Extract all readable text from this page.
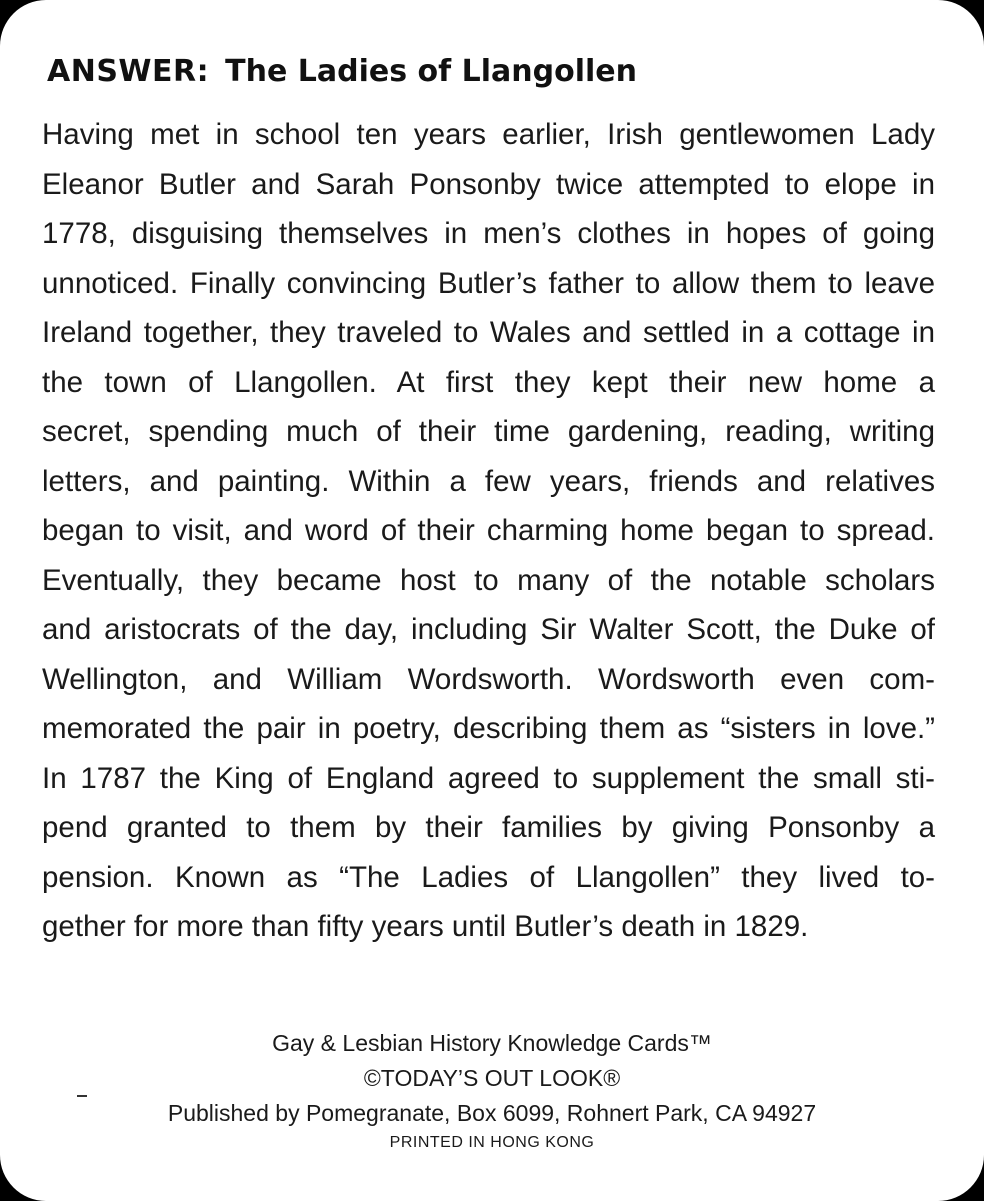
ANSWER: The Ladies of Llangollen
Having met in school ten years earlier, Irish gentlewomen Lady
Eleanor Butler and Sarah Ponsonby twice attempted to elope in
1778, disguising themselves in men’s clothes in hopes of going
unnoticed. Finally convincing Butler’s father to allow them to leave
Ireland together, they traveled to Wales and settled in a cottage in
the town of Llangollen. At first they kept their new home a
secret, spending much of their time gardening, reading, writing
letters, and painting. Within a few years, friends and relatives
began to visit, and word of their charming home began to spread.
Eventually, they became host to many of the notable scholars
and aristocrats of the day, including Sir Walter Scott, the Duke of
Wellington, and William Wordsworth. Wordsworth even com-
memorated the pair in poetry, describing them as “sisters in love.”
In 1787 the King of England agreed to supplement the small sti-
pend granted to them by their families by giving Ponsonby a
pension. Known as “The Ladies of Llangollen” they lived to-
gether for more than fifty years until Butler’s death in 1829.
Gay & Lesbian History Knowledge Cards™
©TODAY’S OUT LOOK®
Published by Pomegranate, Box 6099, Rohnert Park, CA 94927
PRINTED IN HONG KONG
